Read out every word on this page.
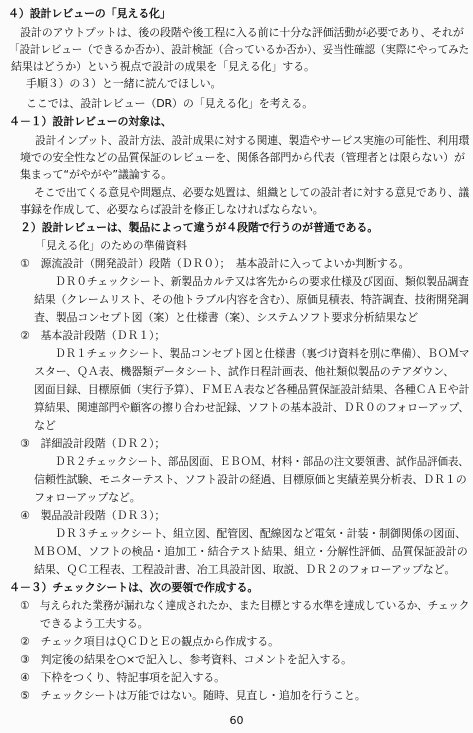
４）設計レビューの「見える化」
設計のアウトプットは、後の段階や後工程に入る前に十分な評価活動が必要であり、それが
「設計レビュー（できるか否か）、設計検証（合っているか否か）、妥当性確認（実際にやってみた
結果はどうか）という視点で設計の成果を「見える化」する。
手順３）の３）と一緒に読んでほしい。
ここでは、設計レビュー（DR）の「見える化」を考える。
４－１）設計レビューの対象は、
設計インプット、設計方法、設計成果に対する関連、製造やサービス実施の可能性、利用環
境での安全性などの品質保証のレビューを、関係各部門から代表（管理者とは限らない）が
集まって“がやがや”議論する。
そこで出てくる意見や問題点、必要な処置は、組織としての設計者に対する意見であり、議
事録を作成して、必要ならば設計を修正しなければならない。
２）設計レビューは、製品によって違うが４段階で行うのが普通である。
「見える化」のための準備資料
①　源流設計（開発設計）段階（ＤＲ０）；　基本設計に入ってよいか判断する。
ＤＲ０チェックシート、新製品カルテ又は客先からの要求仕様及び図面、類似製品調査
結果（クレームリスト、その他トラブル内容を含む）、原価見積表、特許調査、技術開発調
査、製品コンセプト図（案）と仕様書（案）、システムソフト要求分析結果など
②　基本設計段階（ＤＲ１）；
ＤＲ１チェックシート、製品コンセプト図と仕様書（裏づけ資料を別に準備）、ＢＯＭマ
スター、ＱＡ表、機器類データシート、試作日程計画表、他社類似製品のテアダウン、
図面目録、目標原価（実行予算）、ＦＭＥＡ表など各種品質保証設計結果、各種ＣＡＥや計
算結果、関連部門や顧客の擦り合わせ記録、ソフトの基本設計、ＤＲ０のフォローアップ、
など
③　詳細設計段階（ＤＲ２）；
ＤＲ２チェックシート、部品図面、ＥＢＯＭ、材料・部品の注文要領書、試作品評価表、
信頼性試験、モニターテスト、ソフト設計の経過、目標原価と実績差異分析表、ＤＲ１の
フォローアップなど。
④　製品設計段階（ＤＲ３）；
ＤＲ３チェックシート、組立図、配管図、配線図など電気・計装・制御関係の図面、
ＭＢＯＭ、ソフトの検品・追加工・結合テスト結果、組立・分解性評価、品質保証設計の
結果、ＱＣ工程表、工程設計書、冶工具設計図、取説、ＤＲ２のフォローアップなど。
４－３）チェックシートは、次の要領で作成する。
①　与えられた業務が漏れなく達成されたか、また目標とする水準を達成しているか、チェック
できるよう工夫する。
②　チェック項目はＱＣＤとＥの観点から作成する。
③　判定後の結果を○×で記入し、参考資料、コメントを記入する。
④　下枠をつくり、特記事項を記入する。
⑤　チェックシートは万能ではない。随時、見直し・追加を行うこと。
60
